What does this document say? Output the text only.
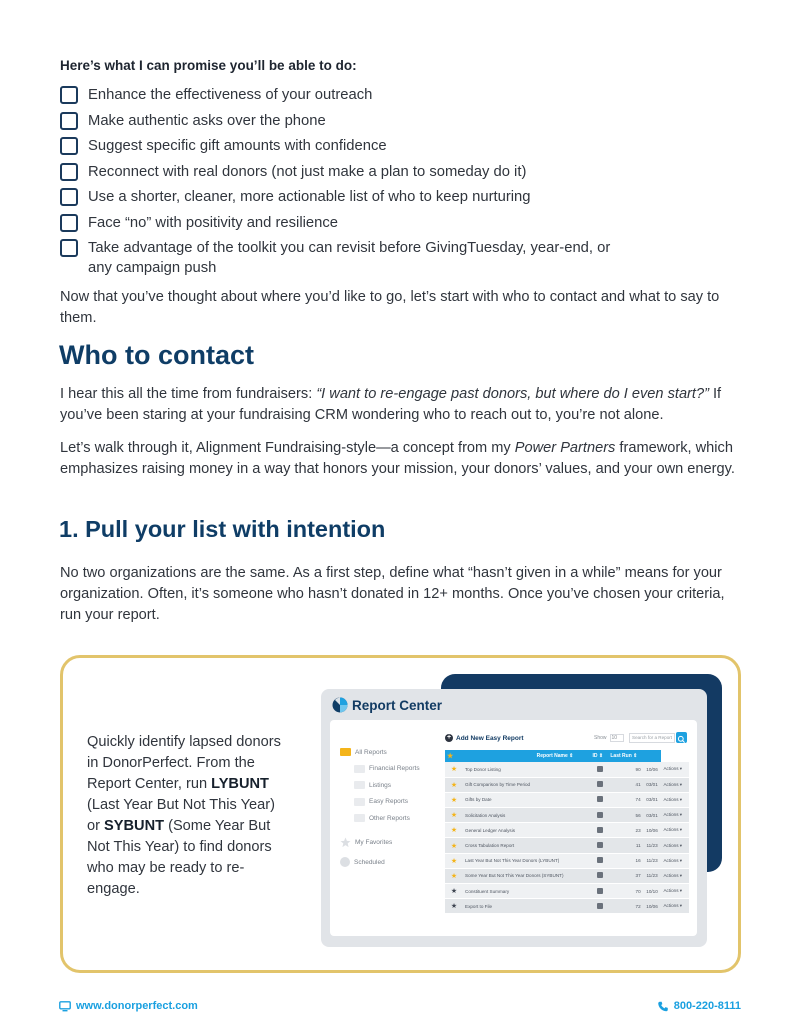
Here’s what I can promise you’ll be able to do:
Enhance the effectiveness of your outreach
Make authentic asks over the phone
Suggest specific gift amounts with confidence
Reconnect with real donors (not just make a plan to someday do it)
Use a shorter, cleaner, more actionable list of who to keep nurturing
Face “no” with positivity and resilience
Take advantage of the toolkit you can revisit before GivingTuesday, year-end, or any campaign push

Now that you’ve thought about where you’d like to go, let’s start with who to contact and what to say to them.

Who to contact

I hear this all the time from fundraisers: “I want to re-engage past donors, but where do I even start?” If you’ve been staring at your fundraising CRM wondering who to reach out to, you’re not alone.

Let’s walk through it, Alignment Fundraising-style—a concept from my Power Partners framework, which emphasizes raising money in a way that honors your mission, your donors’ values, and your own energy.

1. Pull your list with intention

No two organizations are the same. As a first step, define what “hasn’t given in a while” means for your organization. Often, it’s someone who hasn’t donated in 12+ months. Once you’ve chosen your criteria, run your report.

Quickly identify lapsed donors in DonorPerfect. From the Report Center, run LYBUNT (Last Year But Not This Year) or SYBUNT (Some Year But Not This Year) to find donors who may be ready to re-engage.

Report Center
All Reports
Financial Reports
Listings
Easy Reports
Other Reports
My Favorites
Scheduled
+ Add New Easy Report	Show	10	Search for a Report
★	Report Name ⇕	ID ⇕	Last Run ⇕		
★	Top Donor Listing		90	10/06	Actions ▾
★	Gift Comparison by Time Period		41	03/01	Actions ▾
★	Gifts by Date		74	03/01	Actions ▾
★	Solicitation Analysis		56	03/01	Actions ▾
★	General Ledger Analysis		23	10/06	Actions ▾
★	Cross Tabulation Report		11	11/23	Actions ▾
★	Last Year But Not This Year Donors (LYBUNT)		16	11/23	Actions ▾
★	Some Year But Not This Year Donors (SYBUNT)		37	11/23	Actions ▾
★	Constituent Summary		70	10/10	Actions ▾
★	Export to File		72	10/06	Actions ▾
www.donorperfect.com	800-220-8111
